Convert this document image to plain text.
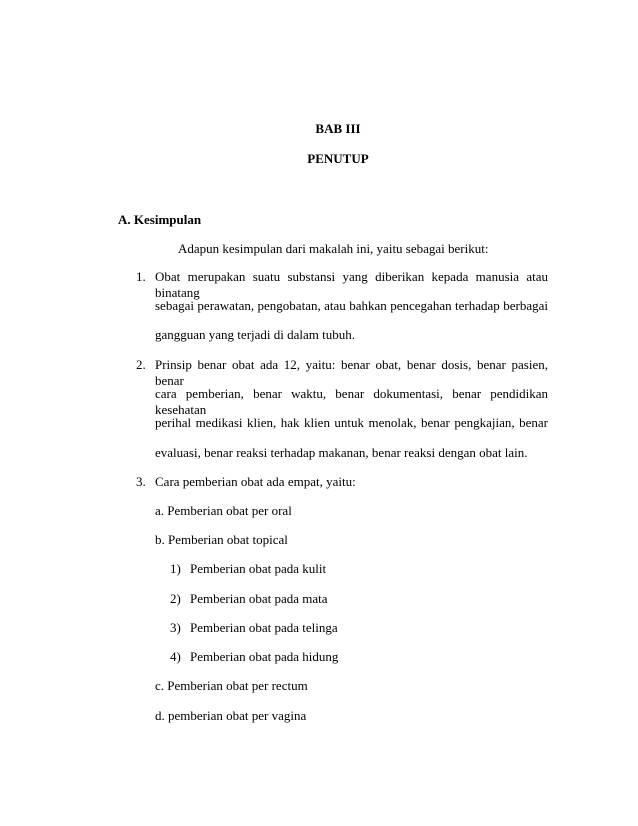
BAB III
PENUTUP
A. Kesimpulan
Adapun kesimpulan dari makalah ini, yaitu sebagai berikut:
1. Obat merupakan suatu substansi yang diberikan kepada manusia atau binatang
sebagai perawatan, pengobatan, atau bahkan pencegahan terhadap berbagai
gangguan yang terjadi di dalam tubuh.
2. Prinsip benar obat ada 12, yaitu: benar obat, benar dosis, benar pasien, benar
cara pemberian, benar waktu, benar dokumentasi, benar pendidikan kesehatan
perihal medikasi klien, hak klien untuk menolak, benar pengkajian, benar
evaluasi, benar reaksi terhadap makanan, benar reaksi dengan obat lain.
3. Cara pemberian obat ada empat, yaitu:
a. Pemberian obat per oral
b. Pemberian obat topical
1) Pemberian obat pada kulit
2) Pemberian obat pada mata
3) Pemberian obat pada telinga
4) Pemberian obat pada hidung
c. Pemberian obat per rectum
d. pemberian obat per vagina
